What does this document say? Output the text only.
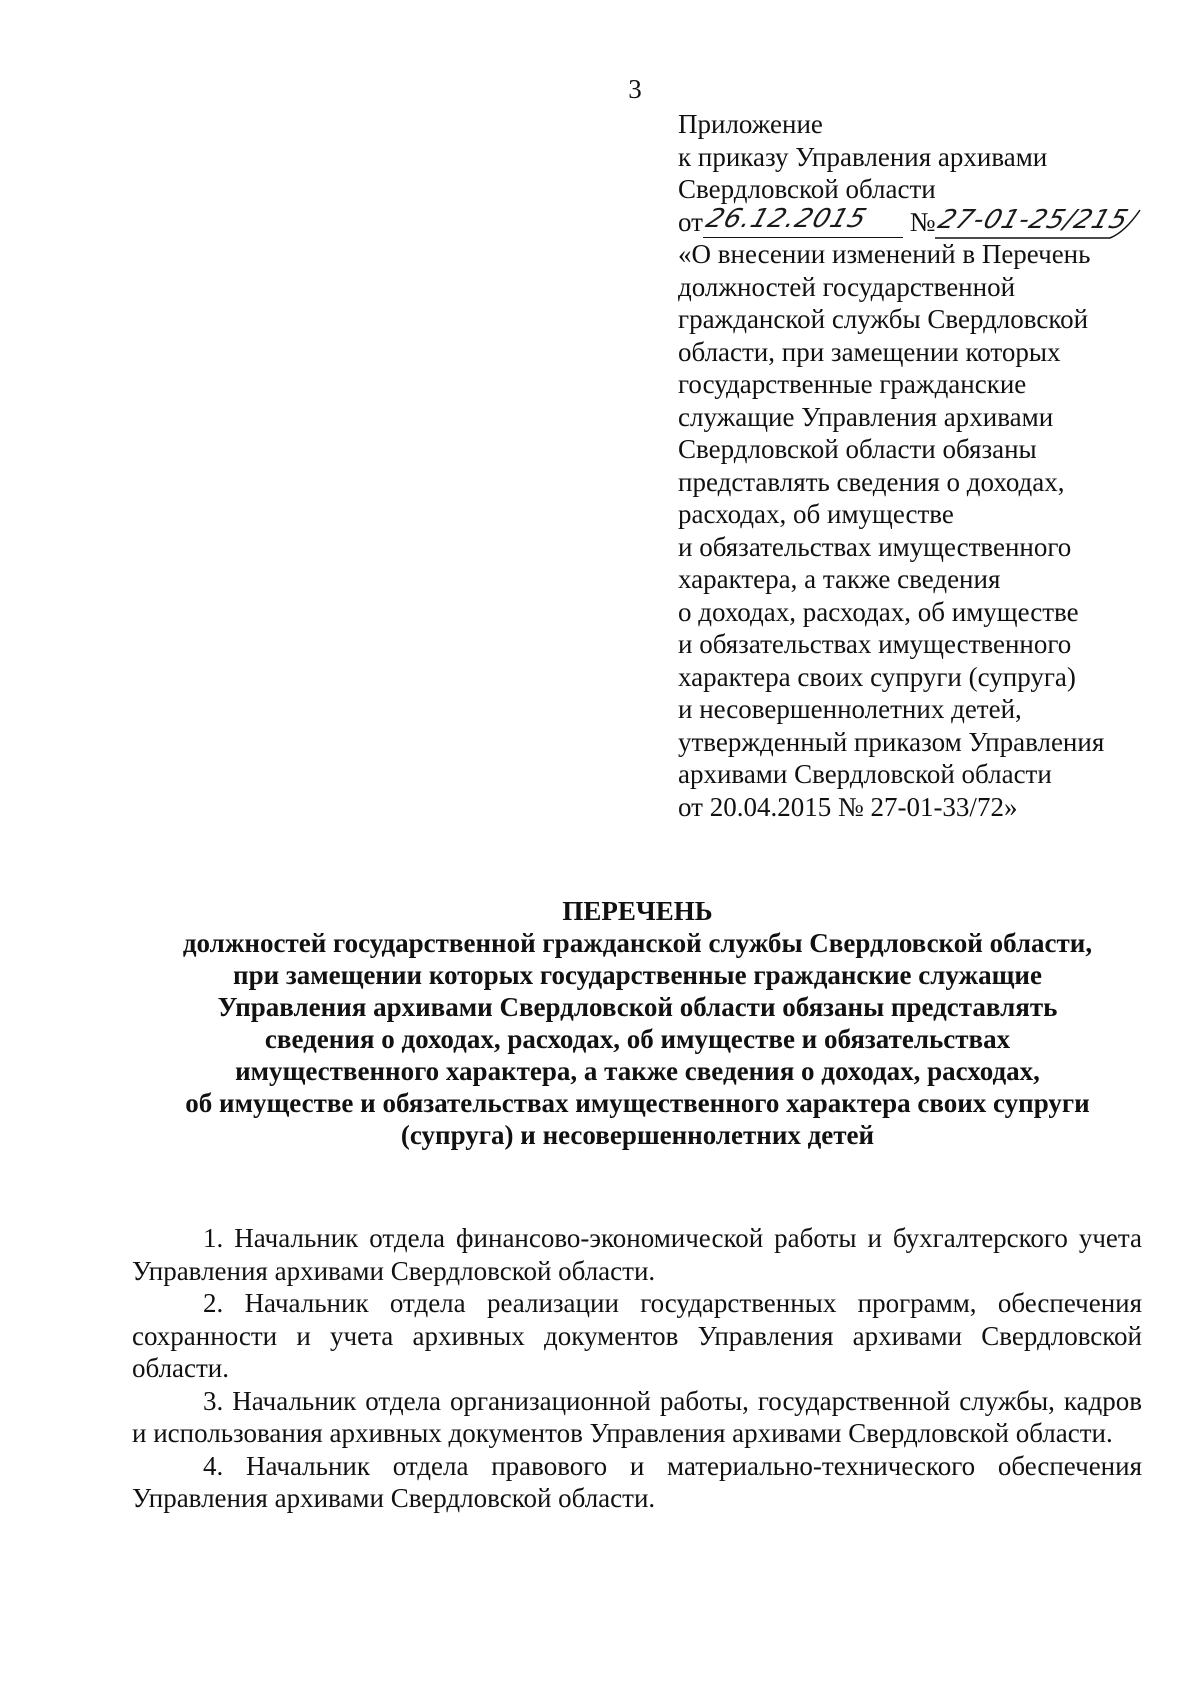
3
Приложение
к приказу Управления архивами
Свердловской области
от 26.12.2015 № 27-01-25/215
«О внесении изменений в Перечень
должностей государственной
гражданской службы Свердловской
области, при замещении которых
государственные гражданские
служащие Управления архивами
Свердловской области обязаны
представлять сведения о доходах,
расходах, об имуществе
и обязательствах имущественного
характера, а также сведения
о доходах, расходах, об имуществе
и обязательствах имущественного
характера своих супруги (супруга)
и несовершеннолетних детей,
утвержденный приказом Управления
архивами Свердловской области
от 20.04.2015 № 27-01-33/72»
ПЕРЕЧЕНЬ
должностей государственной гражданской службы Свердловской области,
при замещении которых государственные гражданские служащие
Управления архивами Свердловской области обязаны представлять
сведения о доходах, расходах, об имуществе и обязательствах
имущественного характера, а также сведения о доходах, расходах,
об имуществе и обязательствах имущественного характера своих супруги
(супруга) и несовершеннолетних детей

1. Начальник отдела финансово-экономической работы и бухгалтерского учета Управления архивами Свердловской области.

2. Начальник отдела реализации государственных программ, обеспечения сохранности и учета архивных документов Управления архивами Свердловской области.

3. Начальник отдела организационной работы, государственной службы, кадров и использования архивных документов Управления архивами Свердловской области.

4. Начальник отдела правового и материально-технического обеспечения Управления архивами Свердловской области.
